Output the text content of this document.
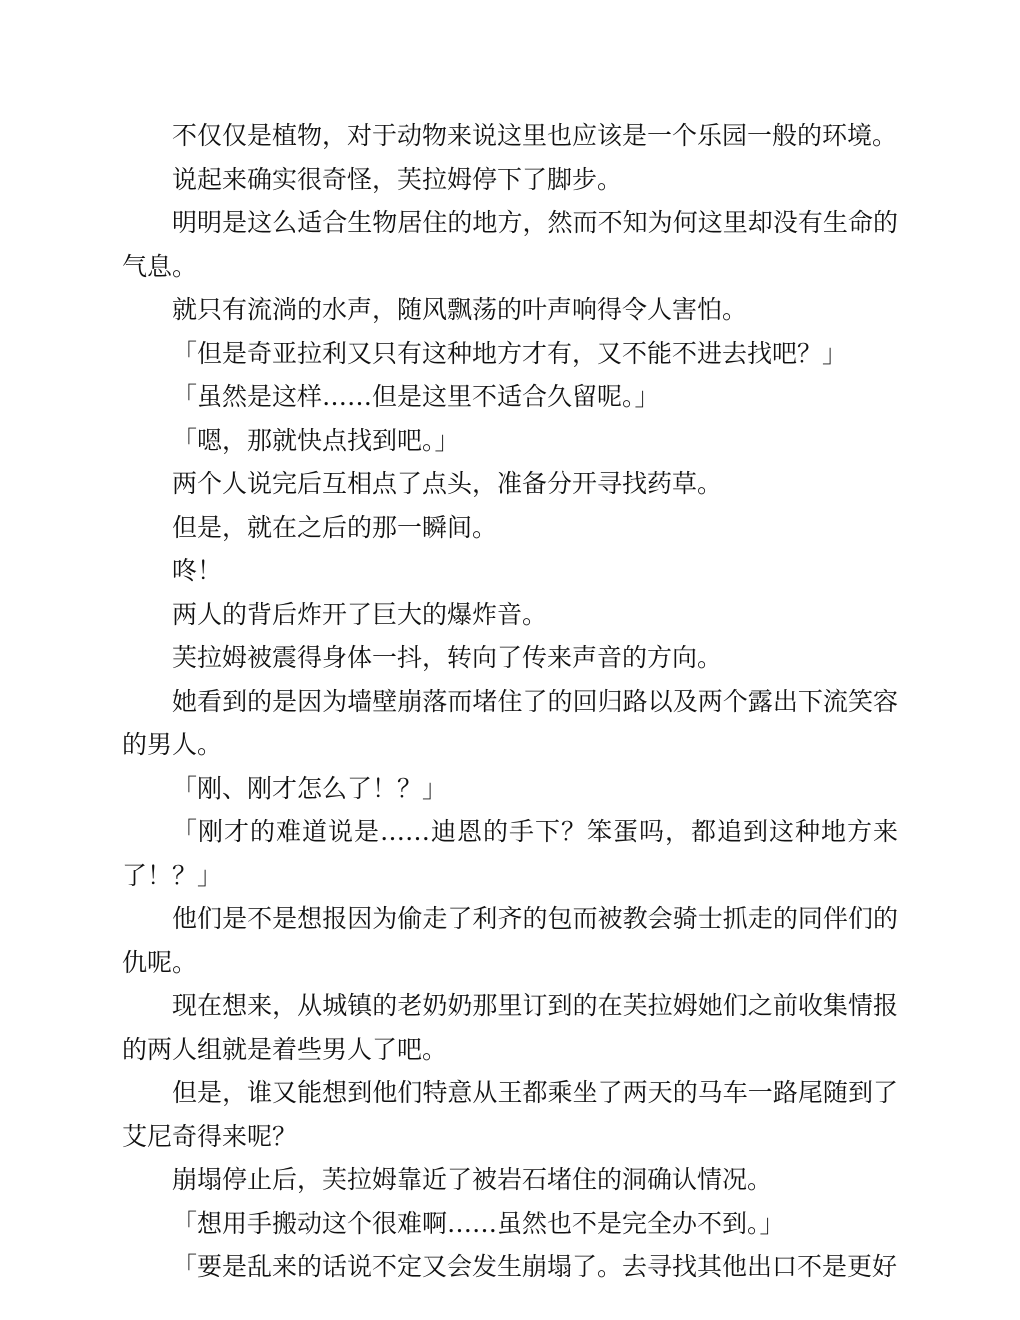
不仅仅是植物，对于动物来说这里也应该是一个乐园一般的环境。

说起来确实很奇怪，芙拉姆停下了脚步。

明明是这么适合生物居住的地方，然而不知为何这里却没有生命的气息。

就只有流淌的水声，随风飘荡的叶声响得令人害怕。

「但是奇亚拉利又只有这种地方才有，又不能不进去找吧？」

「虽然是这样……但是这里不适合久留呢。」

「嗯，那就快点找到吧。」

两个人说完后互相点了点头，准备分开寻找药草。

但是，就在之后的那一瞬间。

咚！

两人的背后炸开了巨大的爆炸音。

芙拉姆被震得身体一抖，转向了传来声音的方向。

她看到的是因为墙壁崩落而堵住了的回归路以及两个露出下流笑容的男人。

「刚、刚才怎么了！？」

「刚才的难道说是……迪恩的手下？笨蛋吗，都追到这种地方来了！？」

他们是不是想报因为偷走了利齐的包而被教会骑士抓走的同伴们的仇呢。

现在想来，从城镇的老奶奶那里订到的在芙拉姆她们之前收集情报的两人组就是着些男人了吧。

但是，谁又能想到他们特意从王都乘坐了两天的马车一路尾随到了艾尼奇得来呢？

崩塌停止后，芙拉姆靠近了被岩石堵住的洞确认情况。

「想用手搬动这个很难啊……虽然也不是完全办不到。」

「要是乱来的话说不定又会发生崩塌了。去寻找其他出口不是更好
